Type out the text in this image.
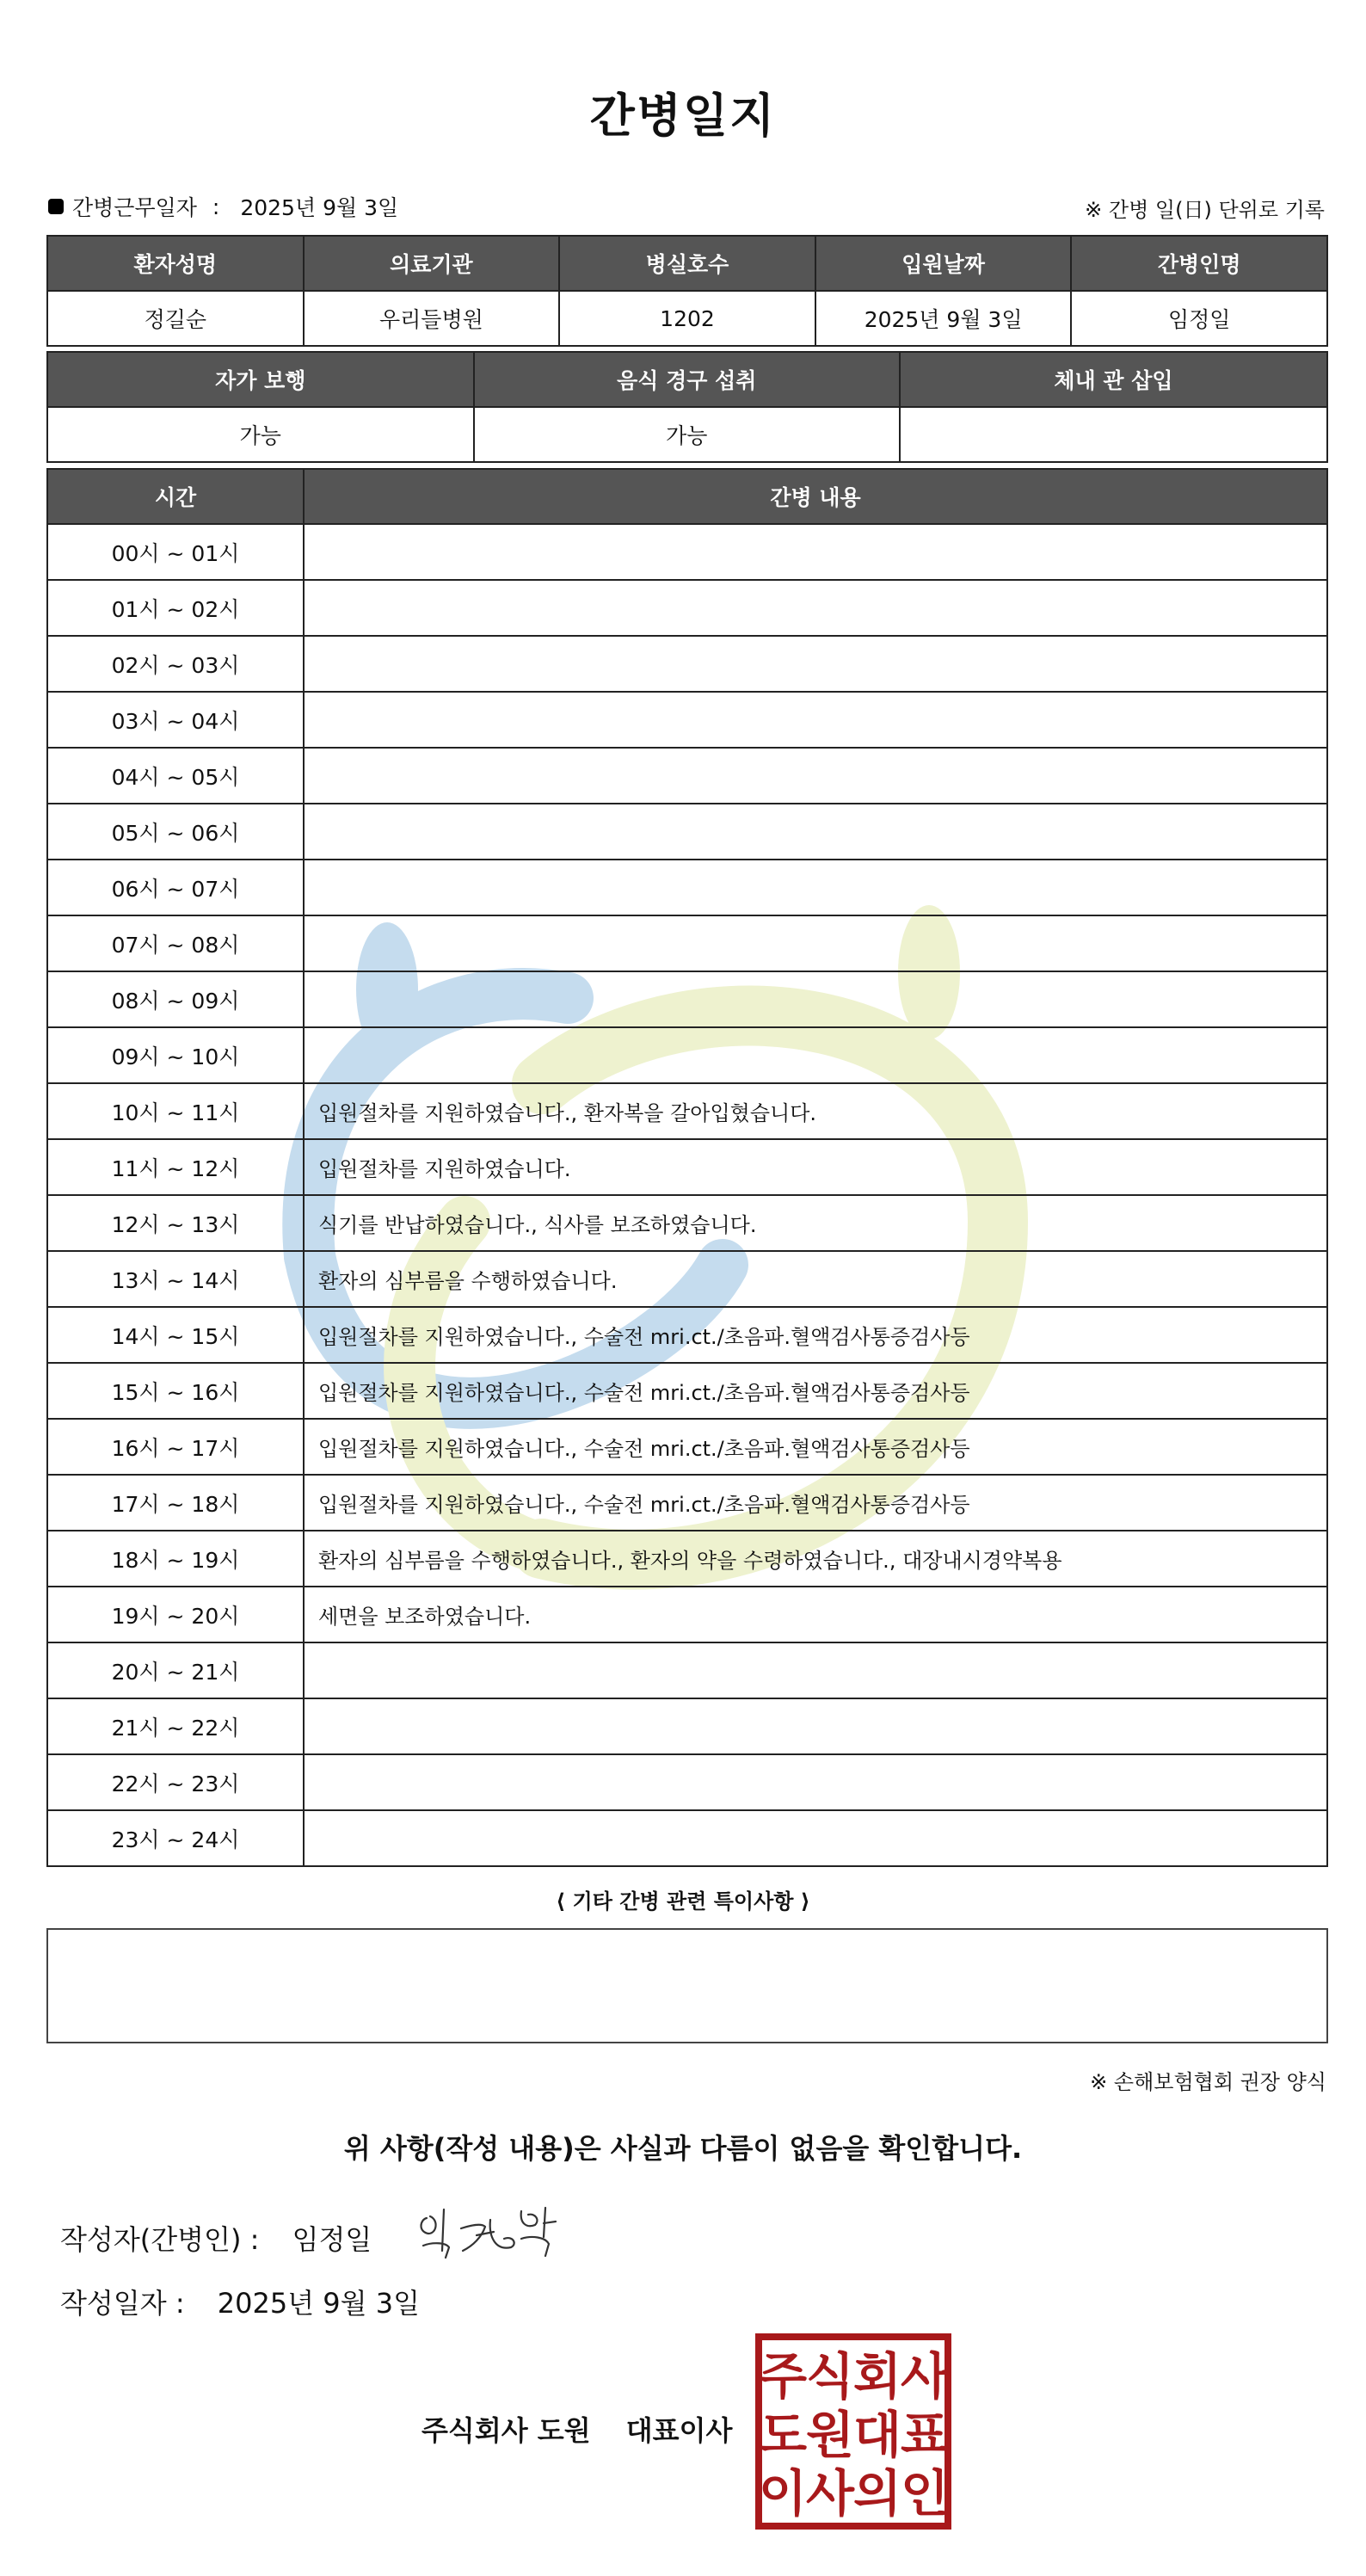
간병일지
간병근무일자 : 2025년 9월 3일	※ 간병 일(日) 단위로 기록
환자성명	의료기관	병실호수	입원날짜	간병인명
정길순	우리들병원	1202	2025년 9월 3일	임정일
자가 보행	음식 경구 섭취	체내 관 삽입
가능	가능	
시간	간병 내용
00시 ~ 01시	
01시 ~ 02시	
02시 ~ 03시	
03시 ~ 04시	
04시 ~ 05시	
05시 ~ 06시	
06시 ~ 07시	
07시 ~ 08시	
08시 ~ 09시	
09시 ~ 10시	
10시 ~ 11시	입원절차를 지원하였습니다., 환자복을 갈아입혔습니다.
11시 ~ 12시	입원절차를 지원하였습니다.
12시 ~ 13시	식기를 반납하였습니다., 식사를 보조하였습니다.
13시 ~ 14시	환자의 심부름을 수행하였습니다.
14시 ~ 15시	입원절차를 지원하였습니다., 수술전 mri.ct./초음파.혈액검사통증검사등
15시 ~ 16시	입원절차를 지원하였습니다., 수술전 mri.ct./초음파.혈액검사통증검사등
16시 ~ 17시	입원절차를 지원하였습니다., 수술전 mri.ct./초음파.혈액검사통증검사등
17시 ~ 18시	입원절차를 지원하였습니다., 수술전 mri.ct./초음파.혈액검사통증검사등
18시 ~ 19시	환자의 심부름을 수행하였습니다., 환자의 약을 수령하였습니다., 대장내시경약복용
19시 ~ 20시	세면을 보조하였습니다.
20시 ~ 21시	
21시 ~ 22시	
22시 ~ 23시	
23시 ~ 24시	
⟨ 기타 간병 관련 특이사항 ⟩
※ 손해보험협회 권장 양식
위 사항(작성 내용)은 사실과 다름이 없음을 확인합니다.
작성자(간병인) : 임정일
작성일자 : 2025년 9월 3일
주식회사 도원 대표이사
주
식
회
사
도
원
대
표
이
사
의
인
